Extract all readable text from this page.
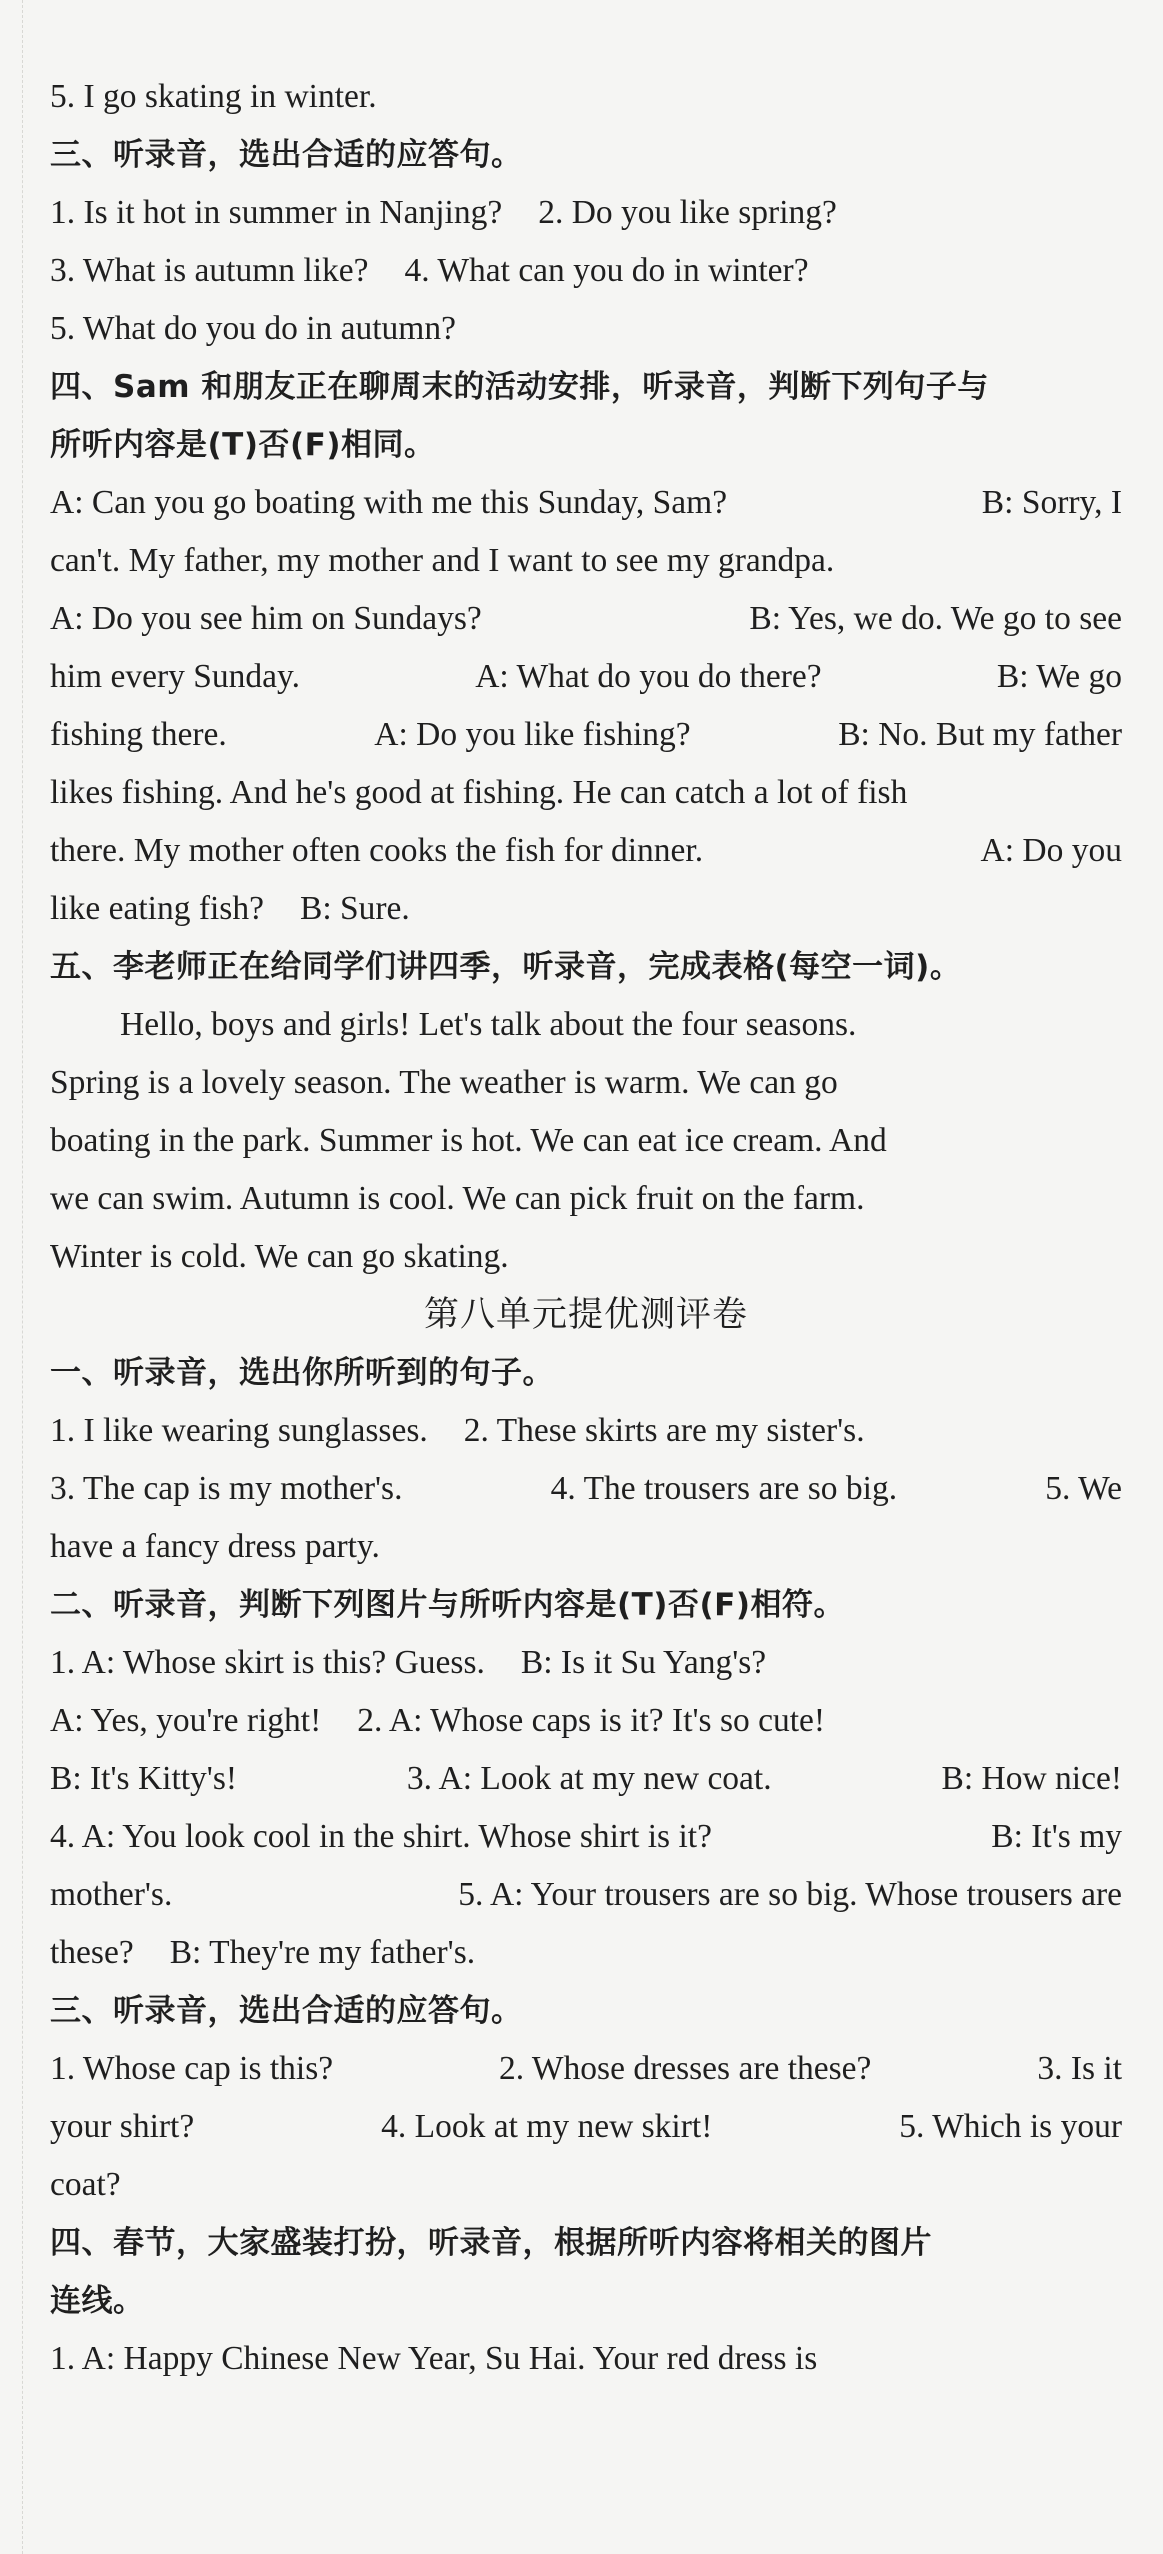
5. I go skating in winter.
三、听录音，选出合适的应答句。
1. Is it hot in summer in Nanjing? 2. Do you like spring?
3. What is autumn like? 4. What can you do in winter?
5. What do you do in autumn?
四、Sam 和朋友正在聊周末的活动安排，听录音，判断下列句子与
所听内容是(T)否(F)相同。
A: Can you go boating with me this Sunday, Sam?	B: Sorry, I
can't. My father, my mother and I want to see my grandpa.
A: Do you see him on Sundays?	B: Yes, we do. We go to see
him every Sunday.	A: What do you do there?	B: We go
fishing there.	A: Do you like fishing?	B: No. But my father
likes fishing. And he's good at fishing. He can catch a lot of fish
there. My mother often cooks the fish for dinner.	A: Do you
like eating fish? B: Sure.
五、李老师正在给同学们讲四季，听录音，完成表格(每空一词)。
Hello, boys and girls! Let's talk about the four seasons.
Spring is a lovely season. The weather is warm. We can go
boating in the park. Summer is hot. We can eat ice cream. And
we can swim. Autumn is cool. We can pick fruit on the farm.
Winter is cold. We can go skating.
第八单元提优测评卷
一、听录音，选出你所听到的句子。
1. I like wearing sunglasses. 2. These skirts are my sister's.
3. The cap is my mother's.	4. The trousers are so big.	5. We
have a fancy dress party.
二、听录音，判断下列图片与所听内容是(T)否(F)相符。
1. A: Whose skirt is this? Guess. B: Is it Su Yang's?
A: Yes, you're right! 2. A: Whose caps is it? It's so cute!
B: It's Kitty's!	3. A: Look at my new coat.	B: How nice!
4. A: You look cool in the shirt. Whose shirt is it?	B: It's my
mother's.	5. A: Your trousers are so big. Whose trousers are
these? B: They're my father's.
三、听录音，选出合适的应答句。
1. Whose cap is this?	2. Whose dresses are these?	3. Is it
your shirt?	4. Look at my new skirt!	5. Which is your
coat?
四、春节，大家盛装打扮，听录音，根据所听内容将相关的图片
连线。
1. A: Happy Chinese New Year, Su Hai. Your red dress is
